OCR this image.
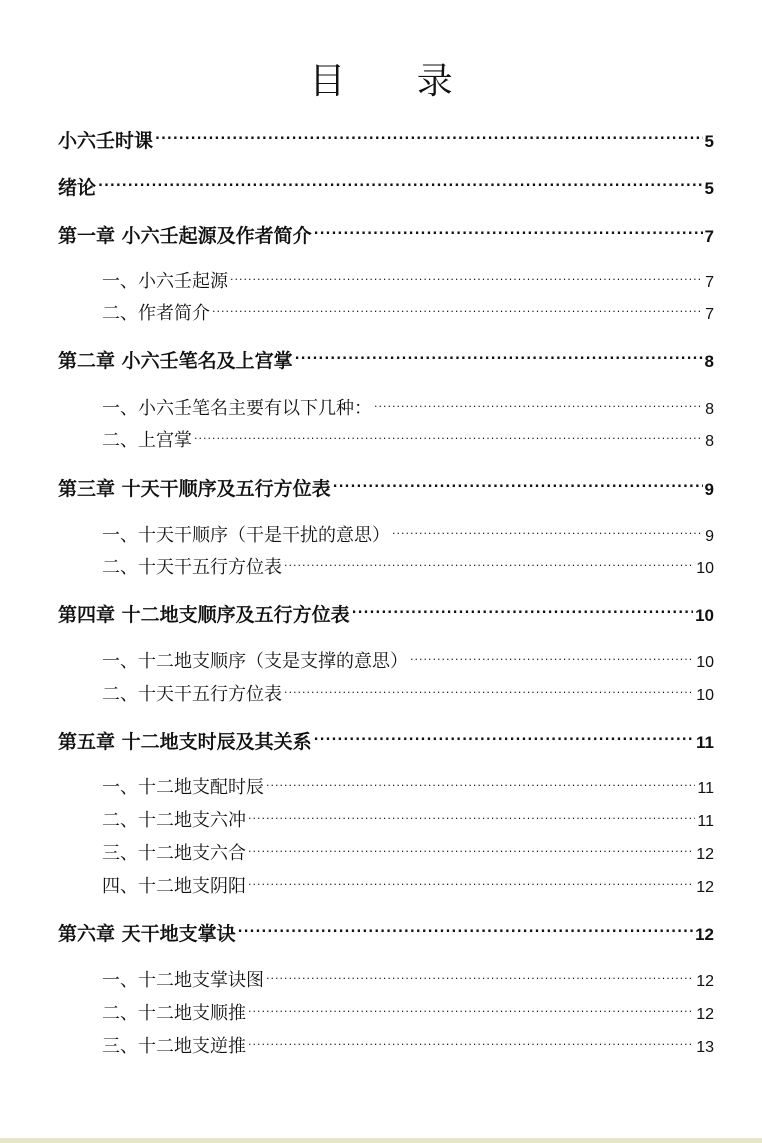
目 录
小六壬时课 .....	5
绪论 .....	5
第一章 小六壬起源及作者简介 .....	7
一、小六壬起源 .....	7
二、作者简介 .....	7
第二章 小六壬笔名及上宫掌 .....	8
一、小六壬笔名主要有以下几种： .....	8
二、上宫掌 .....	8
第三章 十天干顺序及五行方位表 .....	9
一、十天干顺序（干是干扰的意思） .....	9
二、十天干五行方位表 .....	10
第四章 十二地支顺序及五行方位表 .....	10
一、十二地支顺序（支是支撑的意思） .....	10
二、十天干五行方位表 .....	10
第五章 十二地支时辰及其关系 .....	11
一、十二地支配时辰 .....	11
二、十二地支六冲 .....	11
三、十二地支六合 .....	12
四、十二地支阴阳 .....	12
第六章 天干地支掌诀 .....	12
一、十二地支掌诀图 .....	12
二、十二地支顺推 .....	12
三、十二地支逆推 .....	13
